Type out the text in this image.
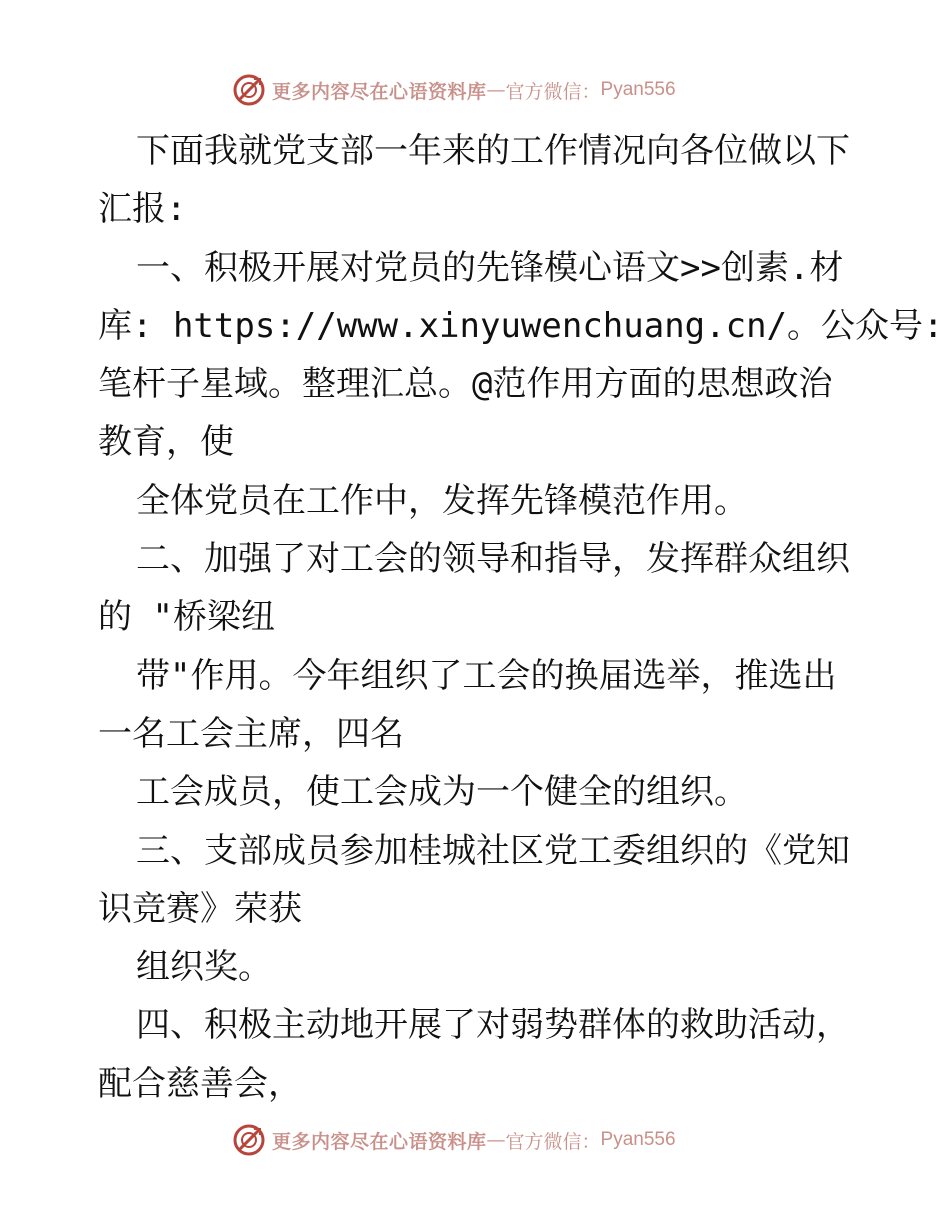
更多内容尽在心语资料库 — 官方微信： Pyan556
下面我就党支部一年来的工作情况向各位做以下
汇报:
一、积极开展对党员的先锋模心语文>>创素.材
库: https://www.xinyuwenchuang.cn/。公众号:
笔杆子星域。整理汇总。@范作用方面的思想政治
教育，使
全体党员在工作中，发挥先锋模范作用。
二、加强了对工会的领导和指导，发挥群众组织
的 "桥梁纽
带"作用。今年组织了工会的换届选举，推选出
一名工会主席，四名
工会成员，使工会成为一个健全的组织。
三、支部成员参加桂城社区党工委组织的《党知
识竞赛》荣获
组织奖。
四、积极主动地开展了对弱势群体的救助活动，
配合慈善会，
更多内容尽在心语资料库 — 官方微信： Pyan556
